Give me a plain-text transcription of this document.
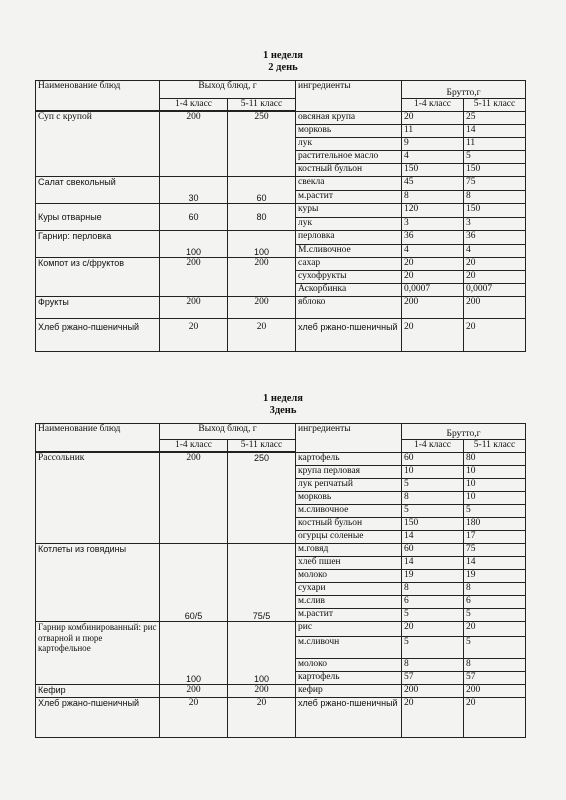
1 неделя
2 день
Наименование блюд	Выход блюд, г		ингредиенты	Брутто,г	
	1-4 класс	5-11 класс		1-4 класс	5-11 класс

Суп с крупой	200	250	овсяная крупа	20	25
			морковь	11	14
			лук	9	11
			растительное масло	4	5
			костный бульон	150	150
Салат свекольный	30	60	свекла	45	75
			м.растит	8	8
Куры отварные	60	80	куры	120	150
			лук	3	3
Гарнир: перловка	100	100	перловка	36	36
			М.сливочное	4	4
Компот из с/фруктов	200	200	сахар	20	20
			сухофрукты	20	20
			Аскорбинка	0,0007	0,0007
Фрукты	200	200	яблоко	200	200
Хлеб ржано-пшеничный	20	20	хлеб ржано-пшеничный	20	20
1 неделя
3день
Наименование блюд	Выход блюд, г		ингредиенты	Брутто,г	
	1-4 класс	5-11 класс		1-4 класс	5-11 класс

Рассольник	200	250	картофель	60	80
			крупа перловая	10	10
			лук репчатый	5	10
			морковь	8	10
			м.сливочное	5	5
			костный бульон	150	180
			огурцы соленые	14	17
Котлеты из говядины	60/5	75/5	м.говяд	60	75
			хлеб пшен	14	14
			молоко	19	19
			сухари	8	8
			м.слив	6	6
			м.растит	5	5
Гарнир комбинированный: рис отварной и пюре картофельное	100	100	рис	20	20
			м.сливочн	5	5
			молоко	8	8
			картофель	57	57
Кефир	200	200	кефир	200	200
Хлеб ржано-пшеничный	20	20	хлеб ржано-пшеничный	20	20
